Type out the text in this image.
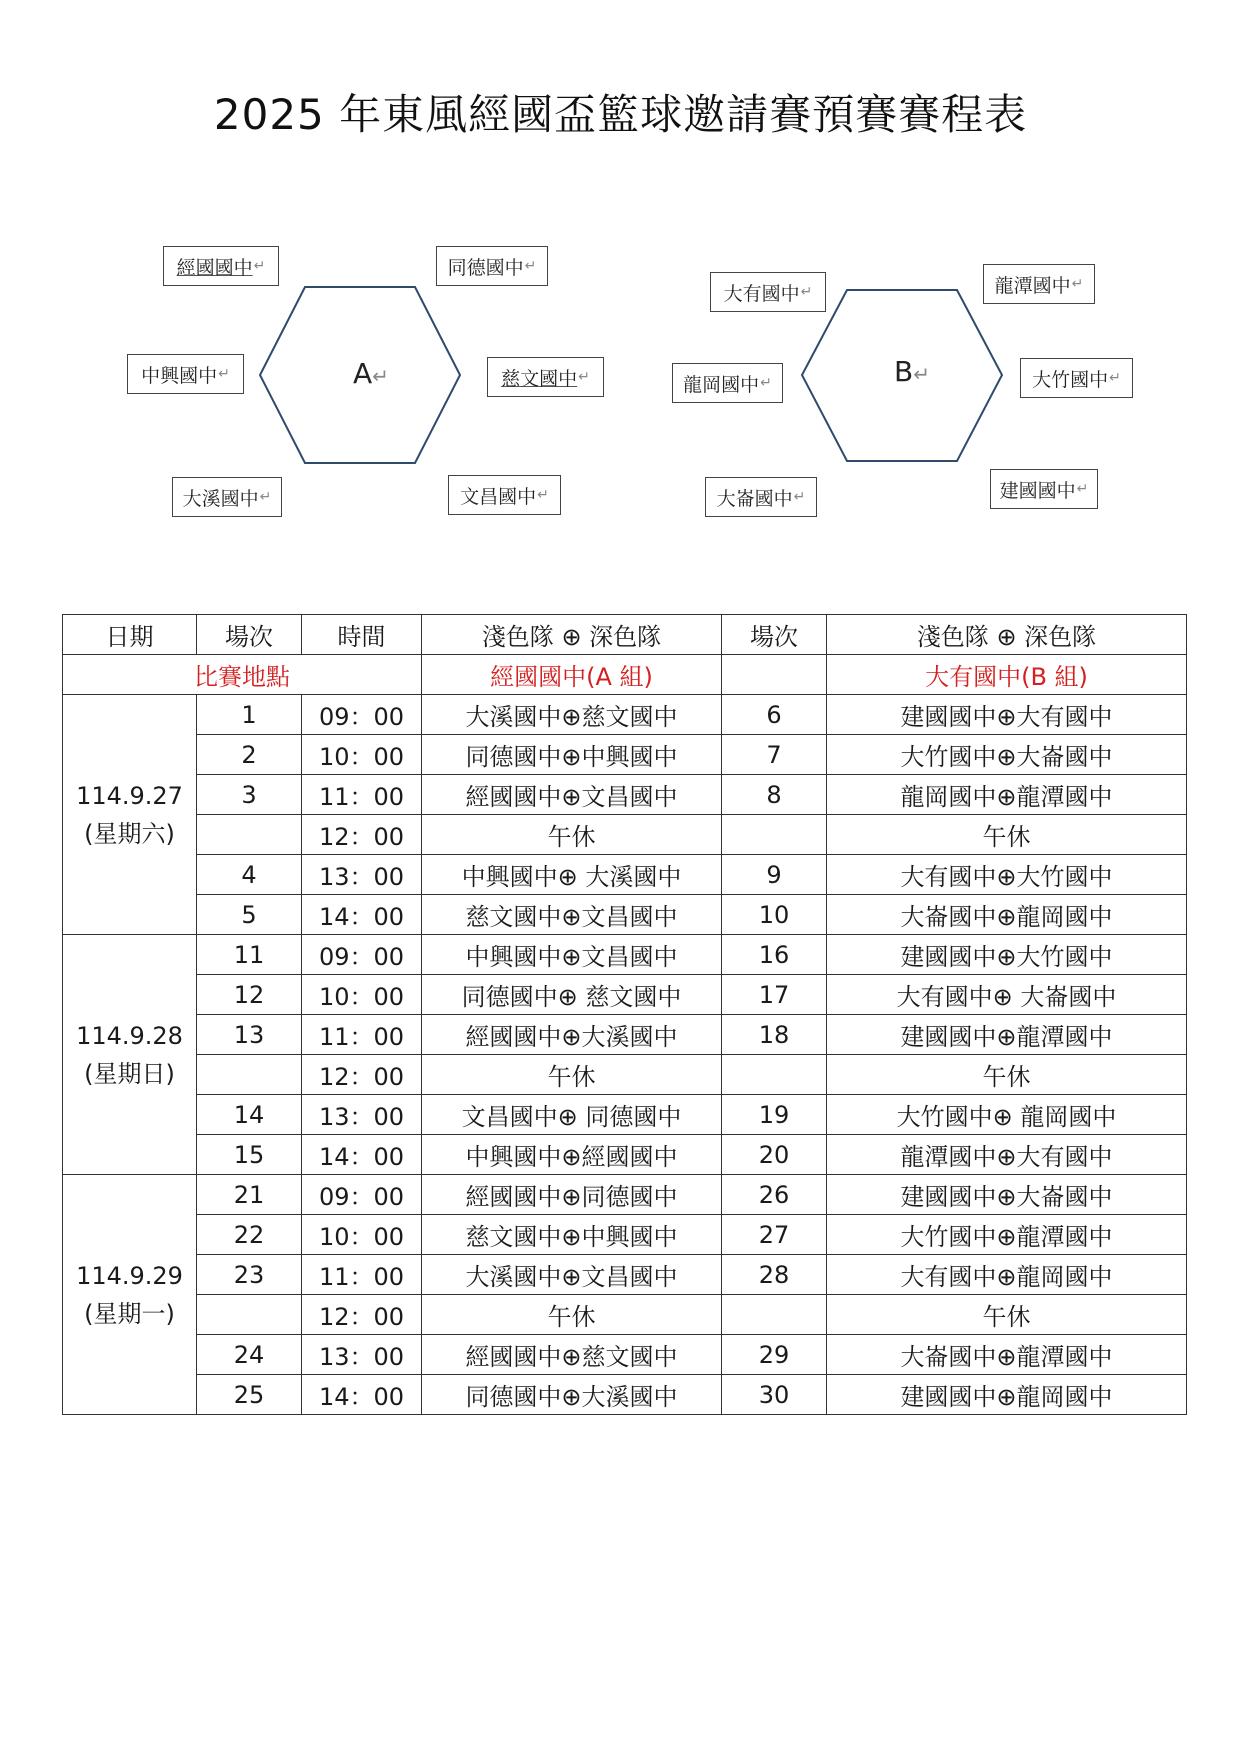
2025 年東風經國盃籃球邀請賽預賽賽程表
A↵	B↵
經國國中 ↵	同德國中 ↵
中興國中 ↵	慈文國中 ↵
大溪國中 ↵	文昌國中 ↵
大有國中 ↵	龍潭國中 ↵
龍岡國中 ↵	大竹國中 ↵
大崙國中 ↵	建國國中 ↵
日期	場次	時間	淺色隊 ⊕ 深色隊	場次	淺色隊 ⊕ 深色隊
比賽地點			經國國中(A 組)		大有國中(B 組)

114.9.27
(星期六)	1	09：00	大溪國中⊕慈文國中	6	建國國中⊕大有國中
	2	10：00	同德國中⊕中興國中	7	大竹國中⊕大崙國中
	3	11：00	經國國中⊕文昌國中	8	龍岡國中⊕龍潭國中
		12：00	午休		午休
	4	13：00	中興國中⊕ 大溪國中	9	大有國中⊕大竹國中
	5	14：00	慈文國中⊕文昌國中	10	大崙國中⊕龍岡國中

114.9.28
(星期日)	11	09：00	中興國中⊕文昌國中	16	建國國中⊕大竹國中
	12	10：00	同德國中⊕ 慈文國中	17	大有國中⊕ 大崙國中
	13	11：00	經國國中⊕大溪國中	18	建國國中⊕龍潭國中
		12：00	午休		午休
	14	13：00	文昌國中⊕ 同德國中	19	大竹國中⊕ 龍岡國中
	15	14：00	中興國中⊕經國國中	20	龍潭國中⊕大有國中

114.9.29
(星期一)	21	09：00	經國國中⊕同德國中	26	建國國中⊕大崙國中
	22	10：00	慈文國中⊕中興國中	27	大竹國中⊕龍潭國中
	23	11：00	大溪國中⊕文昌國中	28	大有國中⊕龍岡國中
		12：00	午休		午休
	24	13：00	經國國中⊕慈文國中	29	大崙國中⊕龍潭國中
	25	14：00	同德國中⊕大溪國中	30	建國國中⊕龍岡國中
